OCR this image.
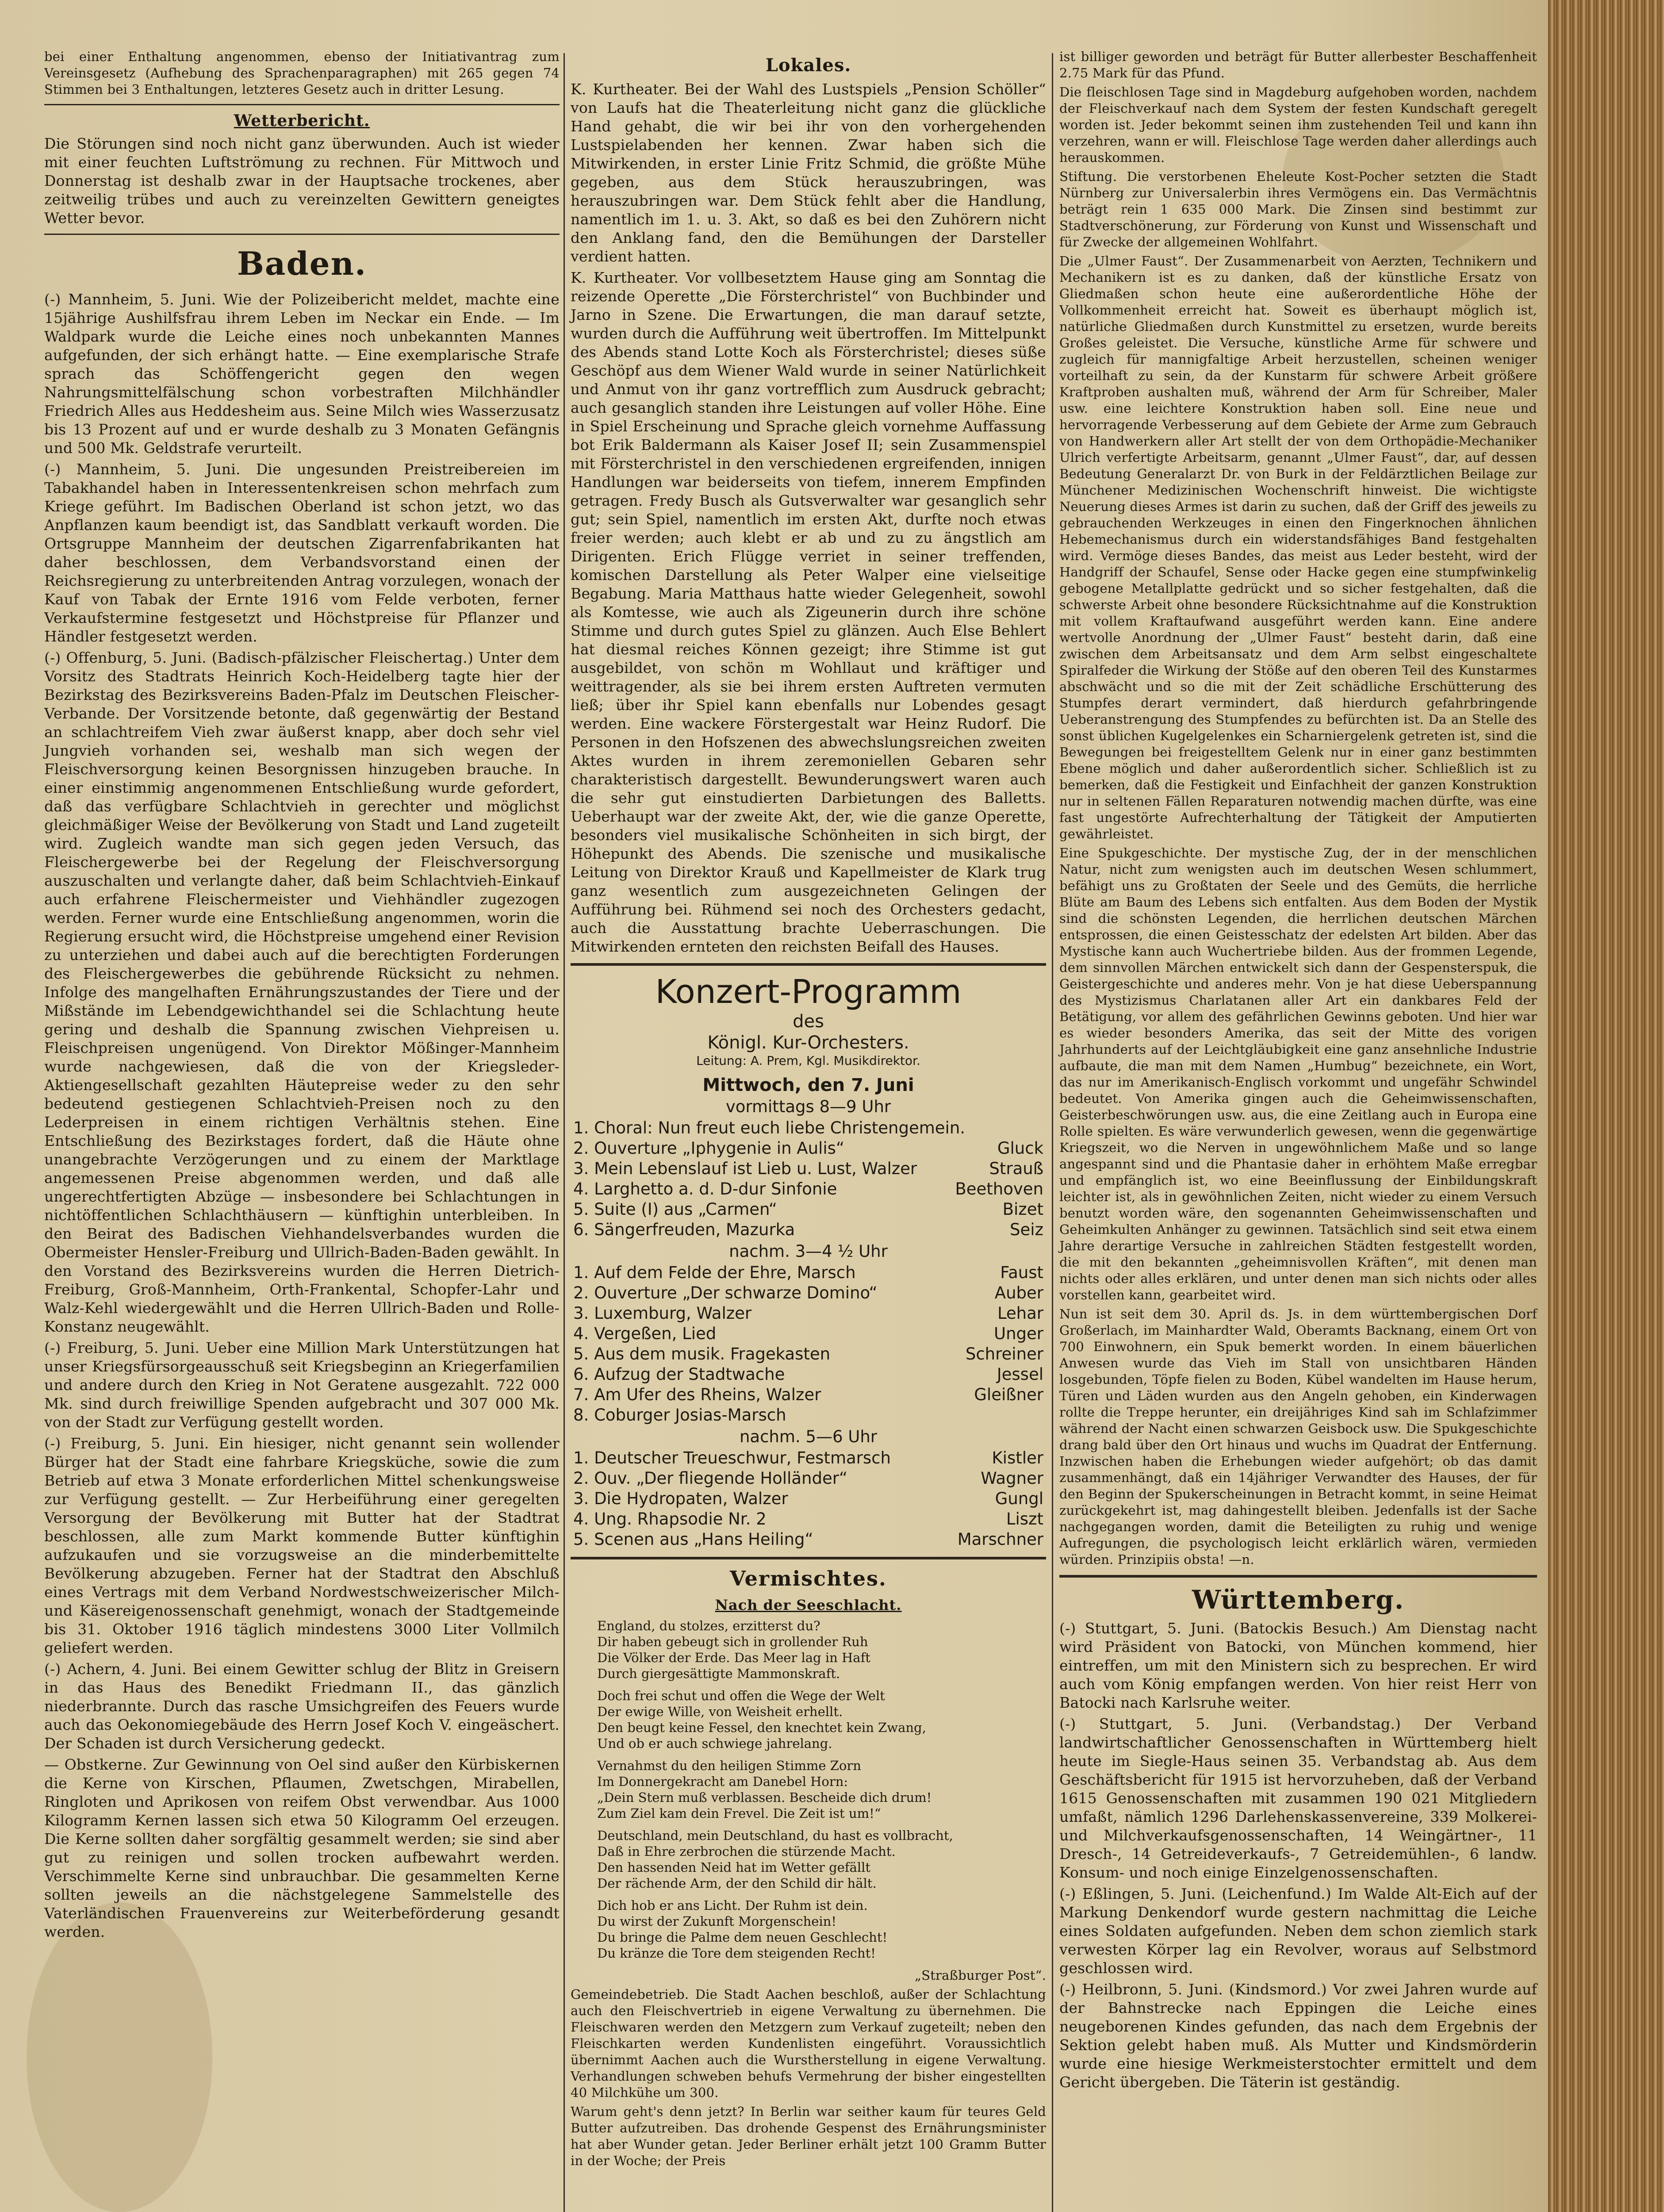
bei einer Enthaltung angenommen, ebenso der Initiativantrag zum Vereinsgesetz (Aufhebung des Sprachenparagraphen) mit 265 gegen 74 Stimmen bei 3 Enthaltungen, letzteres Gesetz auch in dritter Lesung.

Wetterbericht.

Die Störungen sind noch nicht ganz überwunden. Auch ist wieder mit einer feuchten Luftströmung zu rechnen. Für Mittwoch und Donnerstag ist deshalb zwar in der Hauptsache trockenes, aber zeitweilig trübes und auch zu vereinzelten Gewittern geneigtes Wetter bevor.

Baden.

(-) Mannheim, 5. Juni. Wie der Polizeibericht meldet, machte eine 15jährige Aushilfsfrau ihrem Leben im Neckar ein Ende. — Im Waldpark wurde die Leiche eines noch unbekannten Mannes aufgefunden, der sich erhängt hatte. — Eine exemplarische Strafe sprach das Schöffengericht gegen den wegen Nahrungsmittelfälschung schon vorbestraften Milchhändler Friedrich Alles aus Heddesheim aus. Seine Milch wies Wasserzusatz bis 13 Prozent auf und er wurde deshalb zu 3 Monaten Gefängnis und 500 Mk. Geldstrafe verurteilt.

(-) Mannheim, 5. Juni. Die ungesunden Preistreibereien im Tabakhandel haben in Interessentenkreisen schon mehrfach zum Kriege geführt. Im Badischen Oberland ist schon jetzt, wo das Anpflanzen kaum beendigt ist, das Sandblatt verkauft worden. Die Ortsgruppe Mannheim der deutschen Zigarrenfabrikanten hat daher beschlossen, dem Verbandsvorstand einen der Reichsregierung zu unterbreitenden Antrag vorzulegen, wonach der Kauf von Tabak der Ernte 1916 vom Felde verboten, ferner Verkaufstermine festgesetzt und Höchstpreise für Pflanzer und Händler festgesetzt werden.

(-) Offenburg, 5. Juni. (Badisch-pfälzischer Fleischertag.) Unter dem Vorsitz des Stadtrats Heinrich Koch-Heidelberg tagte hier der Bezirkstag des Bezirksvereins Baden-Pfalz im Deutschen Fleischer-Verbande. Der Vorsitzende betonte, daß gegenwärtig der Bestand an schlachtreifem Vieh zwar äußerst knapp, aber doch sehr viel Jungvieh vorhanden sei, weshalb man sich wegen der Fleischversorgung keinen Besorgnissen hinzugeben brauche. In einer einstimmig angenommenen Entschließung wurde gefordert, daß das verfügbare Schlachtvieh in gerechter und möglichst gleichmäßiger Weise der Bevölkerung von Stadt und Land zugeteilt wird. Zugleich wandte man sich gegen jeden Versuch, das Fleischergewerbe bei der Regelung der Fleischversorgung auszuschalten und verlangte daher, daß beim Schlachtvieh-Einkauf auch erfahrene Fleischermeister und Viehhändler zugezogen werden. Ferner wurde eine Entschließung angenommen, worin die Regierung ersucht wird, die Höchstpreise umgehend einer Revision zu unterziehen und dabei auch auf die berechtigten Forderungen des Fleischergewerbes die gebührende Rücksicht zu nehmen. Infolge des mangelhaften Ernährungszustandes der Tiere und der Mißstände im Lebendgewichthandel sei die Schlachtung heute gering und deshalb die Spannung zwischen Viehpreisen u. Fleischpreisen ungenügend. Von Direktor Mößinger-Mannheim wurde nachgewiesen, daß die von der Kriegsleder-Aktiengesellschaft gezahlten Häutepreise weder zu den sehr bedeutend gestiegenen Schlachtvieh-Preisen noch zu den Lederpreisen in einem richtigen Verhältnis stehen. Eine Entschließung des Bezirkstages fordert, daß die Häute ohne unangebrachte Verzögerungen und zu einem der Marktlage angemessenen Preise abgenommen werden, und daß alle ungerechtfertigten Abzüge — insbesondere bei Schlachtungen in nichtöffentlichen Schlachthäusern — künftighin unterbleiben. In den Beirat des Badischen Viehhandelsverbandes wurden die Obermeister Hensler-Freiburg und Ullrich-Baden-Baden gewählt. In den Vorstand des Bezirksvereins wurden die Herren Dietrich-Freiburg, Groß-Mannheim, Orth-Frankental, Schopfer-Lahr und Walz-Kehl wiedergewählt und die Herren Ullrich-Baden und Rolle-Konstanz neugewählt.

(-) Freiburg, 5. Juni. Ueber eine Million Mark Unterstützungen hat unser Kriegsfürsorgeausschuß seit Kriegsbeginn an Kriegerfamilien und andere durch den Krieg in Not Geratene ausgezahlt. 722 000 Mk. sind durch freiwillige Spenden aufgebracht und 307 000 Mk. von der Stadt zur Verfügung gestellt worden.

(-) Freiburg, 5. Juni. Ein hiesiger, nicht genannt sein wollender Bürger hat der Stadt eine fahrbare Kriegsküche, sowie die zum Betrieb auf etwa 3 Monate erforderlichen Mittel schenkungsweise zur Verfügung gestellt. — Zur Herbeiführung einer geregelten Versorgung der Bevölkerung mit Butter hat der Stadtrat beschlossen, alle zum Markt kommende Butter künftighin aufzukaufen und sie vorzugsweise an die minderbemittelte Bevölkerung abzugeben. Ferner hat der Stadtrat den Abschluß eines Vertrags mit dem Verband Nordwestschweizerischer Milch- und Käsereigenossenschaft genehmigt, wonach der Stadtgemeinde bis 31. Oktober 1916 täglich mindestens 3000 Liter Vollmilch geliefert werden.

(-) Achern, 4. Juni. Bei einem Gewitter schlug der Blitz in Greisern in das Haus des Benedikt Friedmann II., das gänzlich niederbrannte. Durch das rasche Umsichgreifen des Feuers wurde auch das Oekonomiegebäude des Herrn Josef Koch V. eingeäschert. Der Schaden ist durch Versicherung gedeckt.

— Obstkerne. Zur Gewinnung von Oel sind außer den Kürbiskernen die Kerne von Kirschen, Pflaumen, Zwetschgen, Mirabellen, Ringloten und Aprikosen von reifem Obst verwendbar. Aus 1000 Kilogramm Kernen lassen sich etwa 50 Kilogramm Oel erzeugen. Die Kerne sollten daher sorgfältig gesammelt werden; sie sind aber gut zu reinigen und sollen trocken aufbewahrt werden. Verschimmelte Kerne sind unbrauchbar. Die gesammelten Kerne sollten jeweils an die nächstgelegene Sammelstelle des Vaterländischen Frauenvereins zur Weiterbeförderung gesandt werden.

Lokales.

K. Kurtheater. Bei der Wahl des Lustspiels „Pension Schöller“ von Laufs hat die Theaterleitung nicht ganz die glückliche Hand gehabt, die wir bei ihr von den vorhergehenden Lustspielabenden her kennen. Zwar haben sich die Mitwirkenden, in erster Linie Fritz Schmid, die größte Mühe gegeben, aus dem Stück herauszubringen, was herauszubringen war. Dem Stück fehlt aber die Handlung, namentlich im 1. u. 3. Akt, so daß es bei den Zuhörern nicht den Anklang fand, den die Bemühungen der Darsteller verdient hatten.

K. Kurtheater. Vor vollbesetztem Hause ging am Sonntag die reizende Operette „Die Försterchristel“ von Buchbinder und Jarno in Szene. Die Erwartungen, die man darauf setzte, wurden durch die Aufführung weit übertroffen. Im Mittelpunkt des Abends stand Lotte Koch als Försterchristel; dieses süße Geschöpf aus dem Wiener Wald wurde in seiner Natürlichkeit und Anmut von ihr ganz vortrefflich zum Ausdruck gebracht; auch gesanglich standen ihre Leistungen auf voller Höhe. Eine in Spiel Erscheinung und Sprache gleich vornehme Auffassung bot Erik Baldermann als Kaiser Josef II; sein Zusammenspiel mit Försterchristel in den verschiedenen ergreifenden, innigen Handlungen war beiderseits von tiefem, innerem Empfinden getragen. Fredy Busch als Gutsverwalter war gesanglich sehr gut; sein Spiel, namentlich im ersten Akt, durfte noch etwas freier werden; auch klebt er ab und zu zu ängstlich am Dirigenten. Erich Flügge verriet in seiner treffenden, komischen Darstellung als Peter Walper eine vielseitige Begabung. Maria Matthaus hatte wieder Gelegenheit, sowohl als Komtesse, wie auch als Zigeunerin durch ihre schöne Stimme und durch gutes Spiel zu glänzen. Auch Else Behlert hat diesmal reiches Können gezeigt; ihre Stimme ist gut ausgebildet, von schön m Wohllaut und kräftiger und weittragender, als sie bei ihrem ersten Auftreten vermuten ließ; über ihr Spiel kann ebenfalls nur Lobendes gesagt werden. Eine wackere Förstergestalt war Heinz Rudorf. Die Personen in den Hofszenen des abwechslungsreichen zweiten Aktes wurden in ihrem zeremoniellen Gebaren sehr charakteristisch dargestellt. Bewunderungswert waren auch die sehr gut einstudierten Darbietungen des Balletts. Ueberhaupt war der zweite Akt, der, wie die ganze Operette, besonders viel musikalische Schönheiten in sich birgt, der Höhepunkt des Abends. Die szenische und musikalische Leitung von Direktor Krauß und Kapellmeister de Klark trug ganz wesentlich zum ausgezeichneten Gelingen der Aufführung bei. Rühmend sei noch des Orchesters gedacht, auch die Ausstattung brachte Ueberraschungen. Die Mitwirkenden ernteten den reichsten Beifall des Hauses.

Konzert-Programm
des
Königl. Kur-Orchesters.
Leitung: A. Prem, Kgl. Musikdirektor.
Mittwoch, den 7. Juni
vormittags 8—9 Uhr
1. Choral: Nun freut euch liebe Christengemein.
2. Ouverture „Iphygenie in Aulis“	Gluck
3. Mein Lebenslauf ist Lieb u. Lust, Walzer	Strauß
4. Larghetto a. d. D-dur Sinfonie	Beethoven
5. Suite (I) aus „Carmen“	Bizet
6. Sängerfreuden, Mazurka	Seiz
nachm. 3—4 ½ Uhr
1. Auf dem Felde der Ehre, Marsch	Faust
2. Ouverture „Der schwarze Domino“	Auber
3. Luxemburg, Walzer	Lehar
4. Vergeßen, Lied	Unger
5. Aus dem musik. Fragekasten	Schreiner
6. Aufzug der Stadtwache	Jessel
7. Am Ufer des Rheins, Walzer	Gleißner
8. Coburger Josias-Marsch
nachm. 5—6 Uhr
1. Deutscher Treueschwur, Festmarsch	Kistler
2. Ouv. „Der fliegende Holländer“	Wagner
3. Die Hydropaten, Walzer	Gungl
4. Ung. Rhapsodie Nr. 2	Liszt
5. Scenen aus „Hans Heiling“	Marschner
Vermischtes.
Nach der Seeschlacht.

England, du stolzes, erzitterst du?
Dir haben gebeugt sich in grollender Ruh
Die Völker der Erde. Das Meer lag in Haft
Durch giergesättigte Mammonskraft.

Doch frei schut und offen die Wege der Welt
Der ewige Wille, von Weisheit erhellt.
Den beugt keine Fessel, den knechtet kein Zwang,
Und ob er auch schwiege jahrelang.

Vernahmst du den heiligen Stimme Zorn
Im Donnergekracht am Danebel Horn:
„Dein Stern muß verblassen. Bescheide dich drum!
Zum Ziel kam dein Frevel. Die Zeit ist um!“

Deutschland, mein Deutschland, du hast es vollbracht,
Daß in Ehre zerbrochen die stürzende Macht.
Den hassenden Neid hat im Wetter gefällt
Der rächende Arm, der den Schild dir hält.

Dich hob er ans Licht. Der Ruhm ist dein.
Du wirst der Zukunft Morgenschein!
Du bringe die Palme dem neuen Geschlecht!
Du kränze die Tore dem steigenden Recht!

„Straßburger Post“.

Gemeindebetrieb. Die Stadt Aachen beschloß, außer der Schlachtung auch den Fleischvertrieb in eigene Verwaltung zu übernehmen. Die Fleischwaren werden den Metzgern zum Verkauf zugeteilt; neben den Fleischkarten werden Kundenlisten eingeführt. Voraussichtlich übernimmt Aachen auch die Wurstherstellung in eigene Verwaltung. Verhandlungen schweben behufs Vermehrung der bisher eingestellten 40 Milchkühe um 300.

Warum geht's denn jetzt? In Berlin war seither kaum für teures Geld Butter aufzutreiben. Das drohende Gespenst des Ernährungsminister hat aber Wunder getan. Jeder Berliner erhält jetzt 100 Gramm Butter in der Woche; der Preis

ist billiger geworden und beträgt für Butter allerbester Beschaffenheit 2.75 Mark für das Pfund.

Die fleischlosen Tage sind in Magdeburg aufgehoben worden, nachdem der Fleischverkauf nach dem System der festen Kundschaft geregelt worden ist. Jeder bekommt seinen ihm zustehenden Teil und kann ihn verzehren, wann er will. Fleischlose Tage werden daher allerdings auch herauskommen.

Stiftung. Die verstorbenen Eheleute Kost-Pocher setzten die Stadt Nürnberg zur Universalerbin ihres Vermögens ein. Das Vermächtnis beträgt rein 1 635 000 Mark. Die Zinsen sind bestimmt zur Stadtverschönerung, zur Förderung von Kunst und Wissenschaft und für Zwecke der allgemeinen Wohlfahrt.

Die „Ulmer Faust“. Der Zusammenarbeit von Aerzten, Technikern und Mechanikern ist es zu danken, daß der künstliche Ersatz von Gliedmaßen schon heute eine außerordentliche Höhe der Vollkommenheit erreicht hat. Soweit es überhaupt möglich ist, natürliche Gliedmaßen durch Kunstmittel zu ersetzen, wurde bereits Großes geleistet. Die Versuche, künstliche Arme für schwere und zugleich für mannigfaltige Arbeit herzustellen, scheinen weniger vorteilhaft zu sein, da der Kunstarm für schwere Arbeit größere Kraftproben aushalten muß, während der Arm für Schreiber, Maler usw. eine leichtere Konstruktion haben soll. Eine neue und hervorragende Verbesserung auf dem Gebiete der Arme zum Gebrauch von Handwerkern aller Art stellt der von dem Orthopädie-Mechaniker Ulrich verfertigte Arbeitsarm, genannt „Ulmer Faust“, dar, auf dessen Bedeutung Generalarzt Dr. von Burk in der Feldärztlichen Beilage zur Münchener Medizinischen Wochenschrift hinweist. Die wichtigste Neuerung dieses Armes ist darin zu suchen, daß der Griff des jeweils zu gebrauchenden Werkzeuges in einen den Fingerknochen ähnlichen Hebemechanismus durch ein widerstandsfähiges Band festgehalten wird. Vermöge dieses Bandes, das meist aus Leder besteht, wird der Handgriff der Schaufel, Sense oder Hacke gegen eine stumpfwinkelig gebogene Metallplatte gedrückt und so sicher festgehalten, daß die schwerste Arbeit ohne besondere Rücksichtnahme auf die Konstruktion mit vollem Kraftaufwand ausgeführt werden kann. Eine andere wertvolle Anordnung der „Ulmer Faust“ besteht darin, daß eine zwischen dem Arbeitsansatz und dem Arm selbst eingeschaltete Spiralfeder die Wirkung der Stöße auf den oberen Teil des Kunstarmes abschwächt und so die mit der Zeit schädliche Erschütterung des Stumpfes derart vermindert, daß hierdurch gefahrbringende Ueberanstrengung des Stumpfendes zu befürchten ist. Da an Stelle des sonst üblichen Kugelgelenkes ein Scharniergelenk getreten ist, sind die Bewegungen bei freigestelltem Gelenk nur in einer ganz bestimmten Ebene möglich und daher außerordentlich sicher. Schließlich ist zu bemerken, daß die Festigkeit und Einfachheit der ganzen Konstruktion nur in seltenen Fällen Reparaturen notwendig machen dürfte, was eine fast ungestörte Aufrechterhaltung der Tätigkeit der Amputierten gewährleistet.

Eine Spukgeschichte. Der mystische Zug, der in der menschlichen Natur, nicht zum wenigsten auch im deutschen Wesen schlummert, befähigt uns zu Großtaten der Seele und des Gemüts, die herrliche Blüte am Baum des Lebens sich entfalten. Aus dem Boden der Mystik sind die schönsten Legenden, die herrlichen deutschen Märchen entsprossen, die einen Geistesschatz der edelsten Art bilden. Aber das Mystische kann auch Wuchertriebe bilden. Aus der frommen Legende, dem sinnvollen Märchen entwickelt sich dann der Gespensterspuk, die Geistergeschichte und anderes mehr. Von je hat diese Ueberspannung des Mystizismus Charlatanen aller Art ein dankbares Feld der Betätigung, vor allem des gefährlichen Gewinns geboten. Und hier war es wieder besonders Amerika, das seit der Mitte des vorigen Jahrhunderts auf der Leichtgläubigkeit eine ganz ansehnliche Industrie aufbaute, die man mit dem Namen „Humbug“ bezeichnete, ein Wort, das nur im Amerikanisch-Englisch vorkommt und ungefähr Schwindel bedeutet. Von Amerika gingen auch die Geheimwissenschaften, Geisterbeschwörungen usw. aus, die eine Zeitlang auch in Europa eine Rolle spielten. Es wäre verwunderlich gewesen, wenn die gegenwärtige Kriegszeit, wo die Nerven in ungewöhnlichem Maße und so lange angespannt sind und die Phantasie daher in erhöhtem Maße erregbar und empfänglich ist, wo eine Beeinflussung der Einbildungskraft leichter ist, als in gewöhnlichen Zeiten, nicht wieder zu einem Versuch benutzt worden wäre, den sogenannten Geheimwissenschaften und Geheimkulten Anhänger zu gewinnen. Tatsächlich sind seit etwa einem Jahre derartige Versuche in zahlreichen Städten festgestellt worden, die mit den bekannten „geheimnisvollen Kräften“, mit denen man nichts oder alles erklären, und unter denen man sich nichts oder alles vorstellen kann, gearbeitet wird.

Nun ist seit dem 30. April ds. Js. in dem württembergischen Dorf Großerlach, im Mainhardter Wald, Oberamts Backnang, einem Ort von 700 Einwohnern, ein Spuk bemerkt worden. In einem bäuerlichen Anwesen wurde das Vieh im Stall von unsichtbaren Händen losgebunden, Töpfe fielen zu Boden, Kübel wandelten im Hause herum, Türen und Läden wurden aus den Angeln gehoben, ein Kinderwagen rollte die Treppe herunter, ein dreijähriges Kind sah im Schlafzimmer während der Nacht einen schwarzen Geisbock usw. Die Spukgeschichte drang bald über den Ort hinaus und wuchs im Quadrat der Entfernung. Inzwischen haben die Erhebungen wieder aufgehört; ob das damit zusammenhängt, daß ein 14jähriger Verwandter des Hauses, der für den Beginn der Spukerscheinungen in Betracht kommt, in seine Heimat zurückgekehrt ist, mag dahingestellt bleiben. Jedenfalls ist der Sache nachgegangen worden, damit die Beteiligten zu ruhig und wenige Aufregungen, die psychologisch leicht erklärlich wären, vermieden würden. Prinzipiis obsta! —n.

Württemberg.

(-) Stuttgart, 5. Juni. (Batockis Besuch.) Am Dienstag nacht wird Präsident von Batocki, von München kommend, hier eintreffen, um mit den Ministern sich zu besprechen. Er wird auch vom König empfangen werden. Von hier reist Herr von Batocki nach Karlsruhe weiter.

(-) Stuttgart, 5. Juni. (Verbandstag.) Der Verband landwirtschaftlicher Genossenschaften in Württemberg hielt heute im Siegle-Haus seinen 35. Verbandstag ab. Aus dem Geschäftsbericht für 1915 ist hervorzuheben, daß der Verband 1615 Genossenschaften mit zusammen 190 021 Mitgliedern umfaßt, nämlich 1296 Darlehenskassenvereine, 339 Molkerei- und Milchverkaufsgenossenschaften, 14 Weingärtner-, 11 Dresch-, 14 Getreideverkaufs-, 7 Getreidemühlen-, 6 landw. Konsum- und noch einige Einzelgenossenschaften.

(-) Eßlingen, 5. Juni. (Leichenfund.) Im Walde Alt-Eich auf der Markung Denkendorf wurde gestern nachmittag die Leiche eines Soldaten aufgefunden. Neben dem schon ziemlich stark verwesten Körper lag ein Revolver, woraus auf Selbstmord geschlossen wird.

(-) Heilbronn, 5. Juni. (Kindsmord.) Vor zwei Jahren wurde auf der Bahnstrecke nach Eppingen die Leiche eines neugeborenen Kindes gefunden, das nach dem Ergebnis der Sektion gelebt haben muß. Als Mutter und Kindsmörderin wurde eine hiesige Werkmeisterstochter ermittelt und dem Gericht übergeben. Die Täterin ist geständig.
